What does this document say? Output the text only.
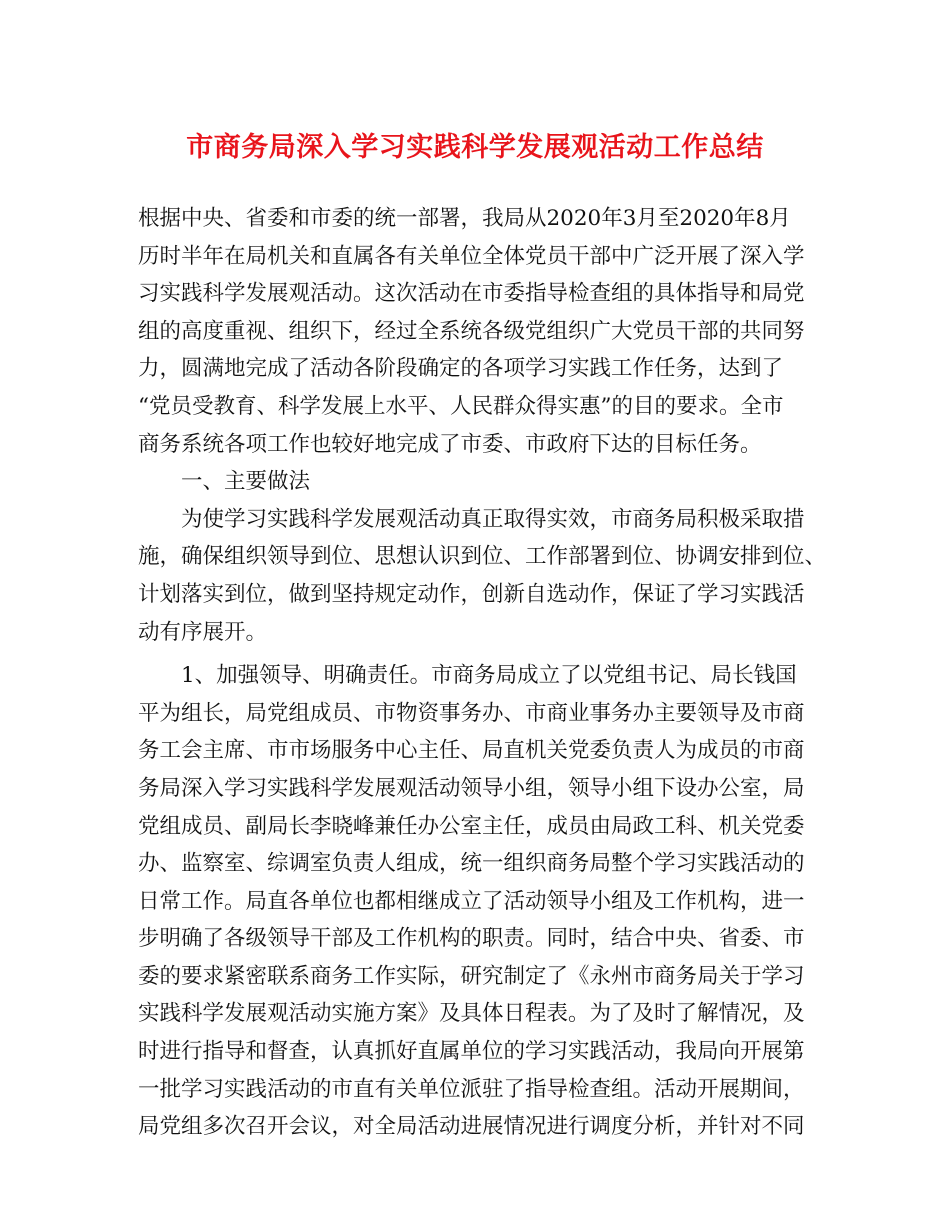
市商务局深入学习实践科学发展观活动工作总结
根据中央、省委和市委的统一部署，我局从2020年3月至2020年8月
历时半年在局机关和直属各有关单位全体党员干部中广泛开展了深入学
习实践科学发展观活动。这次活动在市委指导检查组的具体指导和局党
组的高度重视、组织下，经过全系统各级党组织广大党员干部的共同努
力，圆满地完成了活动各阶段确定的各项学习实践工作任务，达到了
“党员受教育、科学发展上水平、人民群众得实惠”的目的要求。全市
商务系统各项工作也较好地完成了市委、市政府下达的目标任务。
一、主要做法
为使学习实践科学发展观活动真正取得实效，市商务局积极采取措
施，确保组织领导到位、思想认识到位、工作部署到位、协调安排到位、
计划落实到位，做到坚持规定动作，创新自选动作，保证了学习实践活
动有序展开。
1、加强领导、明确责任。市商务局成立了以党组书记、局长钱国
平为组长，局党组成员、市物资事务办、市商业事务办主要领导及市商
务工会主席、市市场服务中心主任、局直机关党委负责人为成员的市商
务局深入学习实践科学发展观活动领导小组，领导小组下设办公室，局
党组成员、副局长李晓峰兼任办公室主任，成员由局政工科、机关党委
办、监察室、综调室负责人组成，统一组织商务局整个学习实践活动的
日常工作。局直各单位也都相继成立了活动领导小组及工作机构，进一
步明确了各级领导干部及工作机构的职责。同时，结合中央、省委、市
委的要求紧密联系商务工作实际，研究制定了《永州市商务局关于学习
实践科学发展观活动实施方案》及具体日程表。为了及时了解情况，及
时进行指导和督查，认真抓好直属单位的学习实践活动，我局向开展第
一批学习实践活动的市直有关单位派驻了指导检查组。活动开展期间，
局党组多次召开会议，对全局活动进展情况进行调度分析，并针对不同
